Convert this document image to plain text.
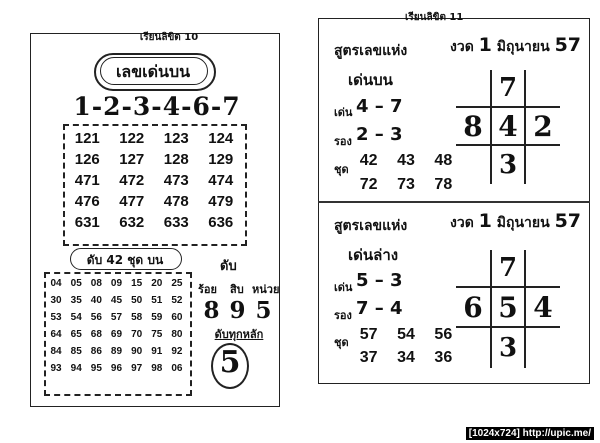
เรียนลิขิต 10
เลขเด่นบน
1-2-3-4-6-7
121	122	123	124
126	127	128	129
471	472	473	474
476	477	478	479
631	632	633	636
ดับ 42 ชุด บน
04 05 08 09 15 20 25
30 35 40 45 50 51 52
53 54 56 57 58 59 60
64 65 68 69 70 75 80
84 85 86 89 90 91 92
93 94 95 96 97 98 06
ดับ
ร้อย สิบ หน่วย
8 9 5
ดับทุกหลัก
5
เรียนลิขิต 11
สูตรเลขแห่ง	งวด 1 มิถุนายน 57
เด่นบน
เด่น 4 – 7
รอง 2 – 3
ชุด
42	43	48
72	73	78
7
8 4 2
3
สูตรเลขแห่ง	งวด 1 มิถุนายน 57
เด่นล่าง
เด่น 5 – 3
รอง 7 – 4
ชุด 57	54	56
37	34	36
7
6 5 4
3
[1024x724] http://upic.me/
